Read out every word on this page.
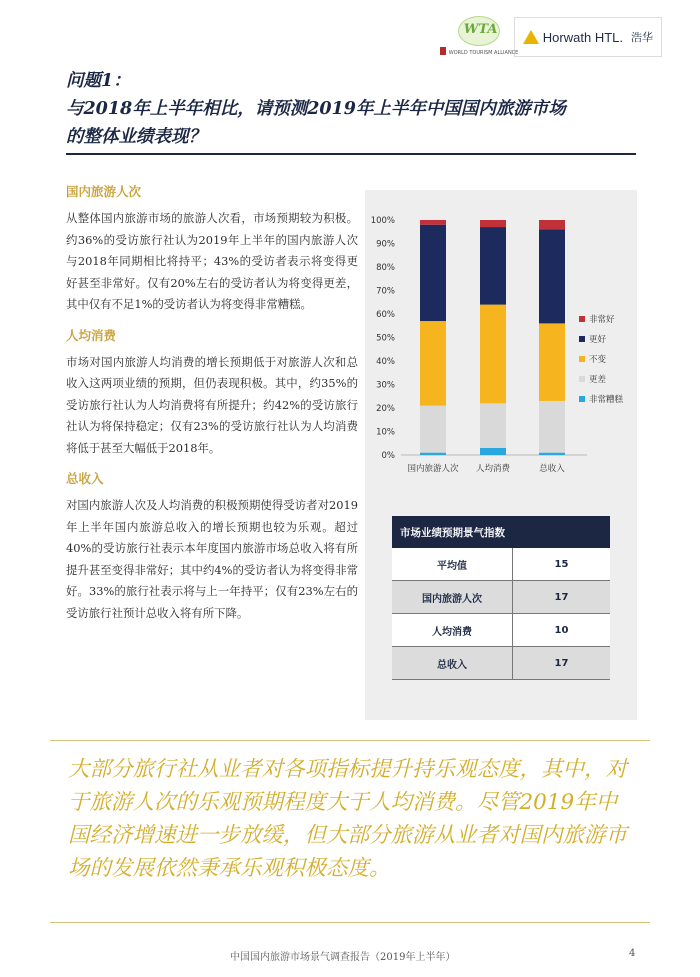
WTA
WORLD TOURISM ALLIANCE
Horwath HTL. 浩华
问题1：
与2018年上半年相比，请预测2019年上半年中国国内旅游市场
的整体业绩表现？
国内旅游人次

从整体国内旅游市场的旅游人次看，市场预期较为积极。约36%的受访旅行社认为2019年上半年的国内旅游人次与2018年同期相比将持平；43%的受访者表示将变得更好甚至非常好。仅有20%左右的受访者认为将变得更差，其中仅有不足1%的受访者认为将变得非常糟糕。

人均消费

市场对国内旅游人均消费的增长预期低于对旅游人次和总收入这两项业绩的预期，但仍表现积极。其中，约35%的受访旅行社认为人均消费将有所提升；约42%的受访旅行社认为将保持稳定；仅有23%的受访旅行社认为人均消费将低于甚至大幅低于2018年。

总收入

对国内旅游人次及人均消费的积极预期使得受访者对2019年上半年国内旅游总收入的增长预期也较为乐观。超过40%的受访旅行社表示本年度国内旅游市场总收入将有所提升甚至变得非常好；其中约4%的受访者认为将变得非常好。33%的旅行社表示将与上一年持平；仅有23%左右的受访旅行社预计总收入将有所下降。

0%
10%
20%
30%
40%
50%
60%
70%
80%
90%
100%
国内旅游人次 人均消费	总收入
非常好
更好
不变
更差
非常糟糕
市场业绩预期景气指数	
平均值	15
国内旅游人次	17
人均消费	10
总收入	17

大部分旅行社从业者对各项指标提升持乐观态度，其中，对于旅游人次的乐观预期程度大于人均消费。尽管2019年中国经济增速进一步放缓，但大部分旅游从业者对国内旅游市场的发展依然秉承乐观积极态度。

中国国内旅游市场景气调查报告（2019年上半年）	4
